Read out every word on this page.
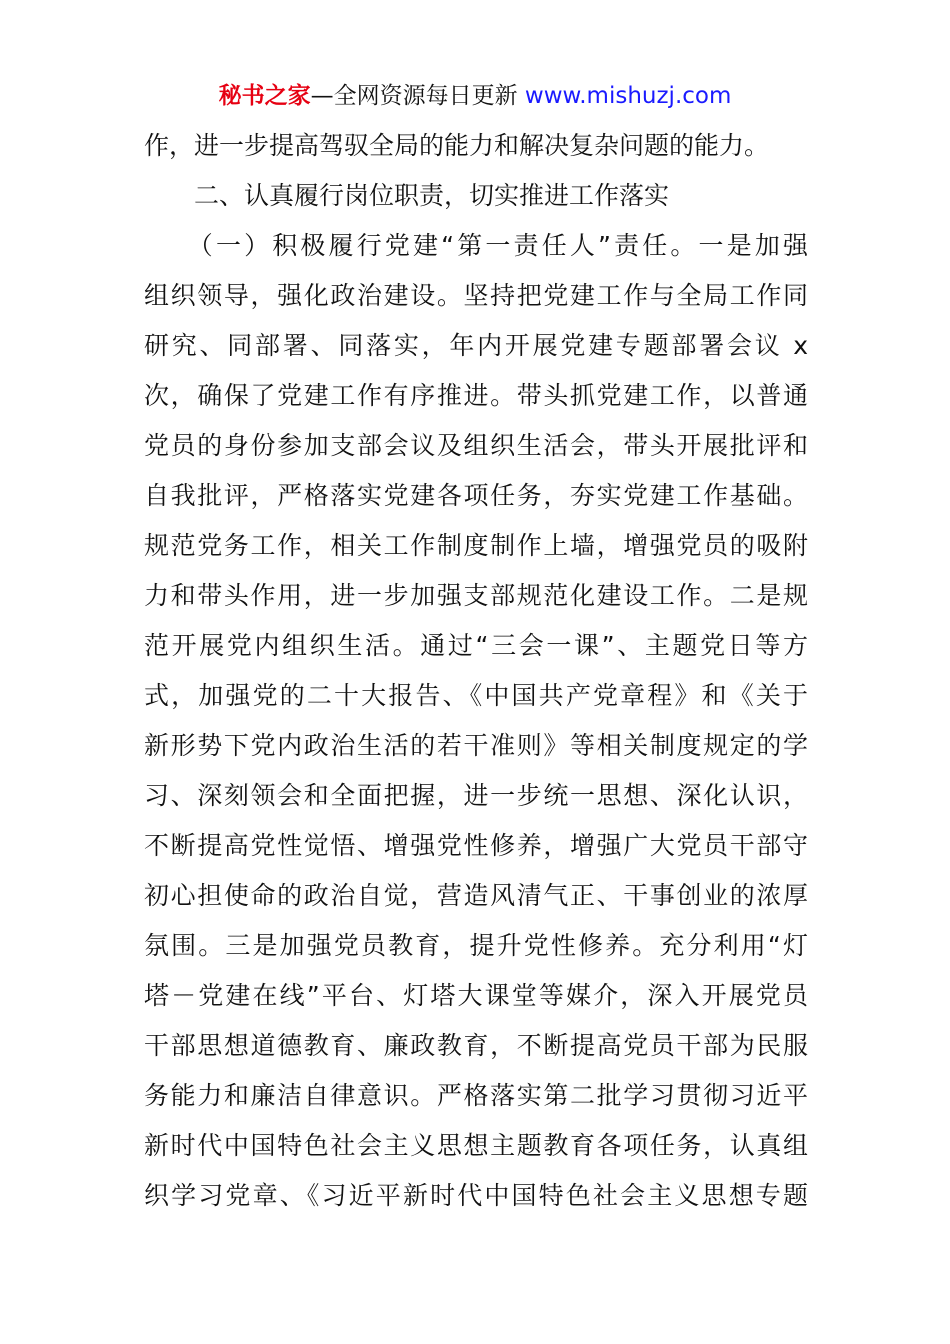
秘书之家—全网资源每日更新 www.mishuzj.com
作，进一步提高驾驭全局的能力和解决复杂问题的能力。
　　二、认真履行岗位职责，切实推进工作落实
　　（一）积极履行党建“第一责任人”责任。一是加强
组织领导，强化政治建设。坚持把党建工作与全局工作同
研究、同部署、同落实，年内开展党建专题部署会议 x
次，确保了党建工作有序推进。带头抓党建工作，以普通
党员的身份参加支部会议及组织生活会，带头开展批评和
自我批评，严格落实党建各项任务，夯实党建工作基础。
规范党务工作，相关工作制度制作上墙，增强党员的吸附
力和带头作用，进一步加强支部规范化建设工作。二是规
范开展党内组织生活。通过“三会一课”、主题党日等方
式，加强党的二十大报告、《中国共产党章程》和《关于
新形势下党内政治生活的若干准则》等相关制度规定的学
习、深刻领会和全面把握，进一步统一思想、深化认识，
不断提高党性觉悟、增强党性修养，增强广大党员干部守
初心担使命的政治自觉，营造风清气正、干事创业的浓厚
氛围。三是加强党员教育，提升党性修养。充分利用“灯
塔－党建在线”平台、灯塔大课堂等媒介，深入开展党员
干部思想道德教育、廉政教育，不断提高党员干部为民服
务能力和廉洁自律意识。严格落实第二批学习贯彻习近平
新时代中国特色社会主义思想主题教育各项任务，认真组
织学习党章、《习近平新时代中国特色社会主义思想专题
